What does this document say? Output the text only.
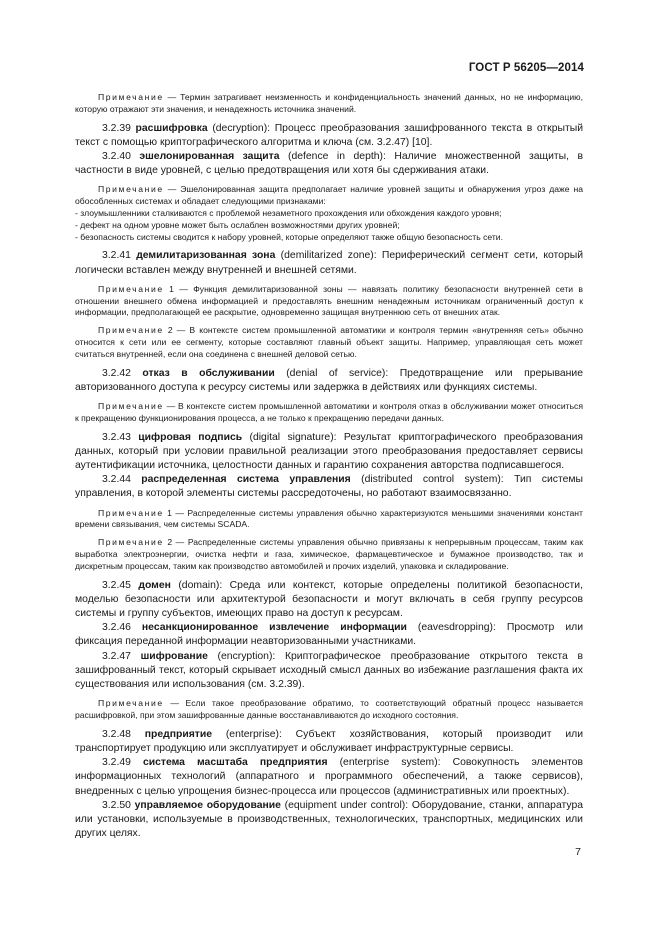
ГОСТ Р 56205—2014

Примечание — Термин затрагивает неизменность и конфиденциальность значений данных, но не информацию, которую отражают эти значения, и ненадежность источника значений.

3.2.39 расшифровка (decryption): Процесс преобразования зашифрованного текста в открытый текст с помощью криптографического алгоритма и ключа (см. 3.2.47) [10].

3.2.40 эшелонированная защита (defence in depth): Наличие множественной защиты, в частности в виде уровней, с целью предотвращения или хотя бы сдерживания атаки.

Примечание — Эшелонированная защита предполагает наличие уровней защиты и обнаружения угроз даже на обособленных системах и обладает следующими признаками:

- злоумышленники сталкиваются с проблемой незаметного прохождения или обхождения каждого уровня;
- дефект на одном уровне может быть ослаблен возможностями других уровней;
- безопасность системы сводится к набору уровней, которые определяют также общую безопасность сети.

3.2.41 демилитаризованная зона (demilitarized zone): Периферический сегмент сети, который логически вставлен между внутренней и внешней сетями.

Примечание 1 — Функция демилитаризованной зоны — навязать политику безопасности внутренней сети в отношении внешнего обмена информацией и предоставлять внешним ненадежным источникам ограниченный доступ к информации, предполагающей ее раскрытие, одновременно защищая внутреннюю сеть от внешних атак.

Примечание 2 — В контексте систем промышленной автоматики и контроля термин «внутренняя сеть» обычно относится к сети или ее сегменту, которые составляют главный объект защиты. Например, управляющая сеть может считаться внутренней, если она соединена с внешней деловой сетью.

3.2.42 отказ в обслуживании (denial of service): Предотвращение или прерывание авторизованного доступа к ресурсу системы или задержка в действиях или функциях системы.

Примечание — В контексте систем промышленной автоматики и контроля отказ в обслуживании может относиться к прекращению функционирования процесса, а не только к прекращению передачи данных.

3.2.43 цифровая подпись (digital signature): Результат криптографического преобразования данных, который при условии правильной реализации этого преобразования предоставляет сервисы аутентификации источника, целостности данных и гарантию сохранения авторства подписавшегося.

3.2.44 распределенная система управления (distributed control system): Тип системы управления, в которой элементы системы рассредоточены, но работают взаимосвязанно.

Примечание 1 — Распределенные системы управления обычно характеризуются меньшими значениями констант времени связывания, чем системы SCADA.

Примечание 2 — Распределенные системы управления обычно привязаны к непрерывным процессам, таким как выработка электроэнергии, очистка нефти и газа, химическое, фармацевтическое и бумажное производство, так и дискретным процессам, таким как производство автомобилей и прочих изделий, упаковка и складирование.

3.2.45 домен (domain): Среда или контекст, которые определены политикой безопасности, моделью безопасности или архитектурой безопасности и могут включать в себя группу ресурсов системы и группу субъектов, имеющих право на доступ к ресурсам.

3.2.46 несанкционированное извлечение информации (eavesdropping): Просмотр или фиксация переданной информации неавторизованными участниками.

3.2.47 шифрование (encryption): Криптографическое преобразование открытого текста в зашифрованный текст, который скрывает исходный смысл данных во избежание разглашения факта их существования или использования (см. 3.2.39).

Примечание — Если такое преобразование обратимо, то соответствующий обратный процесс называется расшифровкой, при этом зашифрованные данные восстанавливаются до исходного состояния.

3.2.48 предприятие (enterprise): Субъект хозяйствования, который производит или транспортирует продукцию или эксплуатирует и обслуживает инфраструктурные сервисы.

3.2.49 система масштаба предприятия (enterprise system): Совокупность элементов информационных технологий (аппаратного и программного обеспечений, а также сервисов), внедренных с целью упрощения бизнес-процесса или процессов (административных или проектных).

3.2.50 управляемое оборудование (equipment under control): Оборудование, станки, аппаратура или установки, используемые в производственных, технологических, транспортных, медицинских или других целях.

7
